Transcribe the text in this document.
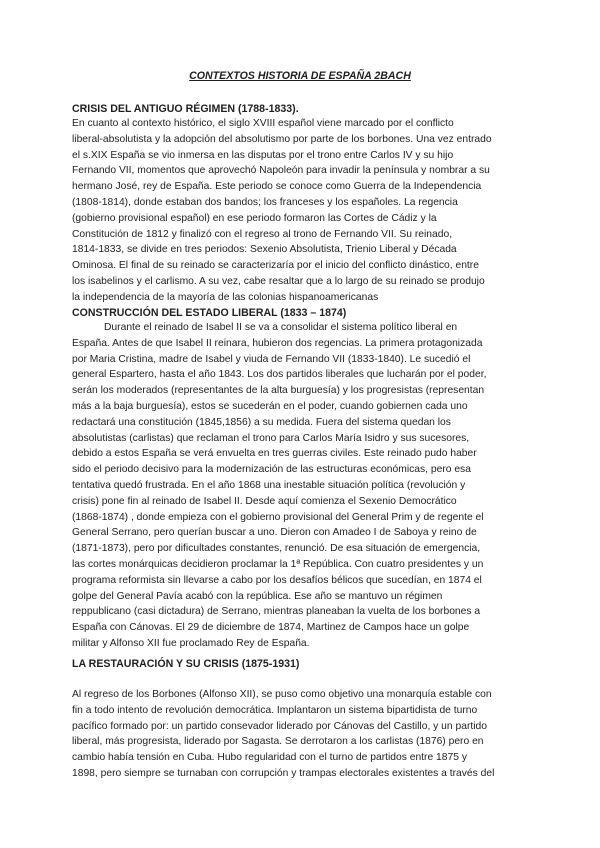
CONTEXTOS HISTORIA DE ESPAÑA 2BACH
CRISIS DEL ANTIGUO RÉGIMEN (1788-1833).

En cuanto al contexto histórico, el siglo XVIII español viene marcado por el conflicto

liberal-absolutista y la adopción del absolutismo por parte de los borbones. Una vez entrado

el s.XIX España se vio inmersa en las disputas por el trono entre Carlos IV y su hijo

Fernando VII, momentos que aprovechó Napoleón para invadir la península y nombrar a su

hermano José, rey de España. Este periodo se conoce como Guerra de la Independencia

(1808-1814), donde estaban dos bandos; los franceses y los españoles. La regencia

(gobierno provisional español) en ese periodo formaron las Cortes de Cádiz y la

Constitución de 1812 y finalizó con el regreso al trono de Fernando VII. Su reinado,

1814-1833, se divide en tres periodos: Sexenio Absolutista, Trienio Liberal y Década

Ominosa. El final de su reinado se caracterizaría por el inicio del conflicto dinástico, entre

los isabelinos y el carlismo. A su vez, cabe resaltar que a lo largo de su reinado se produjo

la independencia de la mayoría de las colonias hispanoamericanas

CONSTRUCCIÓN DEL ESTADO LIBERAL (1833 – 1874)

Durante el reinado de Isabel II se va a consolidar el sistema político liberal en

España. Antes de que Isabel II reinara, hubieron dos regencias. La primera protagonizada

por Maria Cristina, madre de Isabel y viuda de Fernando VII (1833-1840). Le sucedió el

general Espartero, hasta el año 1843. Los dos partidos liberales que lucharán por el poder,

serán los moderados (representantes de la alta burguesía) y los progresistas (representan

más a la baja burguesía), estos se sucederán en el poder, cuando gobiernen cada uno

redactará una constitución (1845,1856) a su medida. Fuera del sistema quedan los

absolutistas (carlistas) que reclaman el trono para Carlos María Isidro y sus sucesores,

debido a estos España se verá envuelta en tres guerras civiles. Este reinado pudo haber

sido el periodo decisivo para la modernización de las estructuras económicas, pero esa

tentativa quedó frustrada. En el año 1868 una inestable situación política (revolución y

crisis) pone fin al reinado de Isabel II. Desde aquí comienza el Sexenio Democrático

(1868-1874) , donde empieza con el gobierno provisional del General Prim y de regente el

General Serrano, pero querían buscar a uno. Dieron con Amadeo I de Saboya y reino de

(1871-1873), pero por dificultades constantes, renunció. De esa situación de emergencia,

las cortes monárquicas decidieron proclamar la 1ª República. Con cuatro presidentes y un

programa reformista sin llevarse a cabo por los desafíos bélicos que sucedían, en 1874 el

golpe del General Pavía acabó con la república. Ese año se mantuvo un régimen

reppublicano (casi dictadura) de Serrano, mientras planeaban la vuelta de los borbones a

España con Cánovas. El 29 de diciembre de 1874, Martinez de Campos hace un golpe

militar y Alfonso XII fue proclamado Rey de España.

LA RESTAURACIÓN Y SU CRISIS (1875-1931)

Al regreso de los Borbones (Alfonso XII), se puso como objetivo una monarquía estable con

fin a todo intento de revolución democrática. Implantaron un sistema bipartidista de turno

pacífico formado por: un partido consevador liderado por Cánovas del Castillo, y un partido

liberal, más progresista, liderado por Sagasta. Se derrotaron a los carlistas (1876) pero en

cambio había tensión en Cuba. Hubo regularidad con el turno de partidos entre 1875 y

1898, pero siempre se turnaban con corrupción y trampas electorales existentes a través del
